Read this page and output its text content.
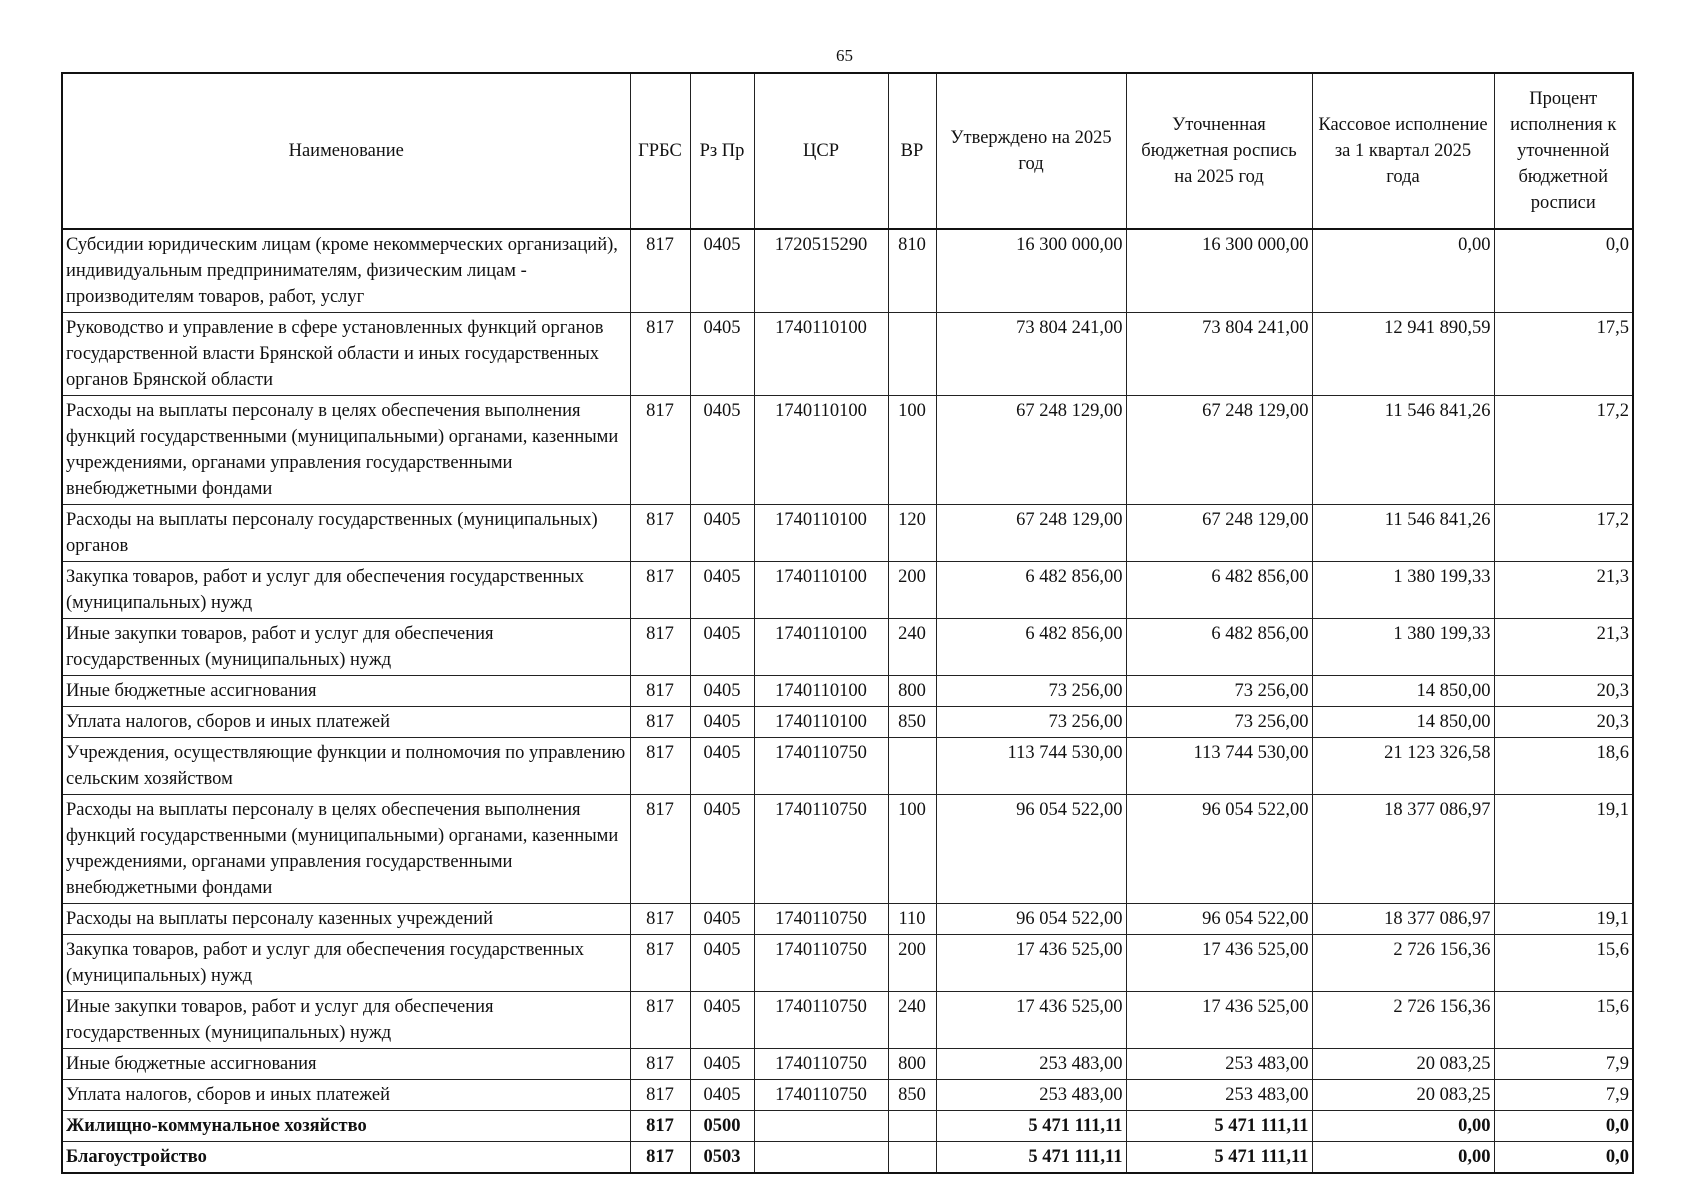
65
Наименование	ГРБС	Рз Пр	ЦСР	ВР	Утверждено на 2025 год	Уточненная бюджетная роспись на 2025 год	Кассовое исполнение за 1 квартал 2025 года	Процент исполнения к уточненной бюджетной росписи
Субсидии юридическим лицам (кроме некоммерческих организаций), индивидуальным предпринимателям, физическим лицам - производителям товаров, работ, услуг	817	0405	1720515290	810	16 300 000,00	16 300 000,00	0,00	0,0
Руководство и управление в сфере установленных функций органов государственной власти Брянской области и иных государственных органов Брянской области	817	0405	1740110100		73 804 241,00	73 804 241,00	12 941 890,59	17,5
Расходы на выплаты персоналу в целях обеспечения выполнения функций государственными (муниципальными) органами, казенными учреждениями, органами управления государственными внебюджетными фондами	817	0405	1740110100	100	67 248 129,00	67 248 129,00	11 546 841,26	17,2
Расходы на выплаты персоналу государственных (муниципальных) органов	817	0405	1740110100	120	67 248 129,00	67 248 129,00	11 546 841,26	17,2
Закупка товаров, работ и услуг для обеспечения государственных (муниципальных) нужд	817	0405	1740110100	200	6 482 856,00	6 482 856,00	1 380 199,33	21,3
Иные закупки товаров, работ и услуг для обеспечения государственных (муниципальных) нужд	817	0405	1740110100	240	6 482 856,00	6 482 856,00	1 380 199,33	21,3
Иные бюджетные ассигнования	817	0405	1740110100	800	73 256,00	73 256,00	14 850,00	20,3
Уплата налогов, сборов и иных платежей	817	0405	1740110100	850	73 256,00	73 256,00	14 850,00	20,3
Учреждения, осуществляющие функции и полномочия по управлению сельским хозяйством	817	0405	1740110750		113 744 530,00	113 744 530,00	21 123 326,58	18,6
Расходы на выплаты персоналу в целях обеспечения выполнения функций государственными (муниципальными) органами, казенными учреждениями, органами управления государственными внебюджетными фондами	817	0405	1740110750	100	96 054 522,00	96 054 522,00	18 377 086,97	19,1
Расходы на выплаты персоналу казенных учреждений	817	0405	1740110750	110	96 054 522,00	96 054 522,00	18 377 086,97	19,1
Закупка товаров, работ и услуг для обеспечения государственных (муниципальных) нужд	817	0405	1740110750	200	17 436 525,00	17 436 525,00	2 726 156,36	15,6
Иные закупки товаров, работ и услуг для обеспечения государственных (муниципальных) нужд	817	0405	1740110750	240	17 436 525,00	17 436 525,00	2 726 156,36	15,6
Иные бюджетные ассигнования	817	0405	1740110750	800	253 483,00	253 483,00	20 083,25	7,9
Уплата налогов, сборов и иных платежей	817	0405	1740110750	850	253 483,00	253 483,00	20 083,25	7,9
Жилищно-коммунальное хозяйство	817	0500			5 471 111,11	5 471 111,11	0,00	0,0
Благоустройство	817	0503			5 471 111,11	5 471 111,11	0,00	0,0
